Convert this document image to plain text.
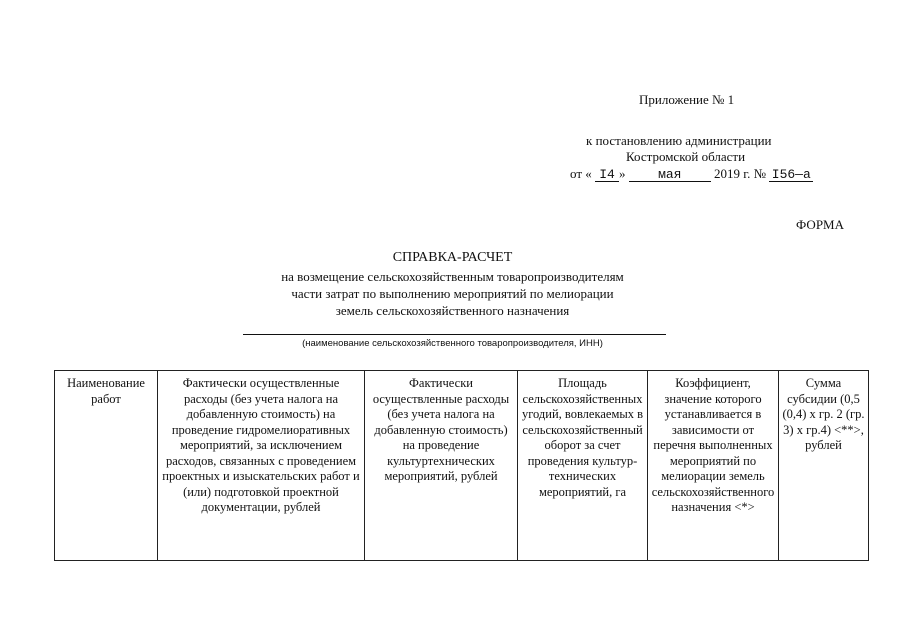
Приложение № 1
к постановлению администрации
Костромской области
от « I4 »	мая	2019 г. № I56—а
ФОРМА
СПРАВКА-РАСЧЕТ
на возмещение сельскохозяйственным товаропроизводителям
части затрат по выполнению мероприятий по мелиорации
земель сельскохозяйственного назначения
(наименование сельскохозяйственного товаропроизводителя, ИНН)
Наименование работ	Фактически осуществленные расходы (без учета налога на добавленную стоимость) на проведение гидромелиоративных мероприятий, за исключением расходов, связанных с проведением проектных и изыскательских работ и (или) подготовкой проектной документации, рублей	Фактически осуществленные расходы (без учета налога на добавленную стоимость) на проведение культуртехнических мероприятий, рублей	Площадь сельскохозяйственных угодий, вовлекаемых в сельскохозяйственный оборот за счет проведения культуртехнических мероприятий, га	Коэффициент, значение которого устанавливается в зависимости от перечня выполненных мероприятий по мелиорации земель сельскохозяйственного назначения <*>	Сумма субсидии (0,5 (0,4) x гр. 2 (гр. 3) x гр.4) <**>, рублей
